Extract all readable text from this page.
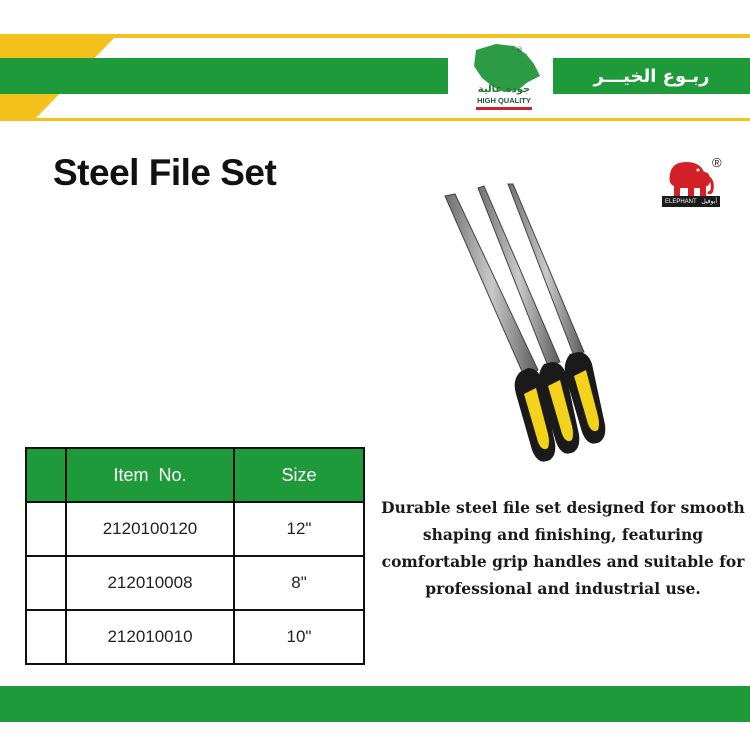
ربـوع الخيـــر
®
جودة عالية
HIGH QUALITY
Steel File Set	®
ELEPHANT أبوفيل
	Item  No.	Size
	2120100120	12"
	212010008	8"
	212010010	10"
Durable steel file set designed for smooth shaping and finishing, featuring comfortable grip handles and suitable for professional and industrial use.
